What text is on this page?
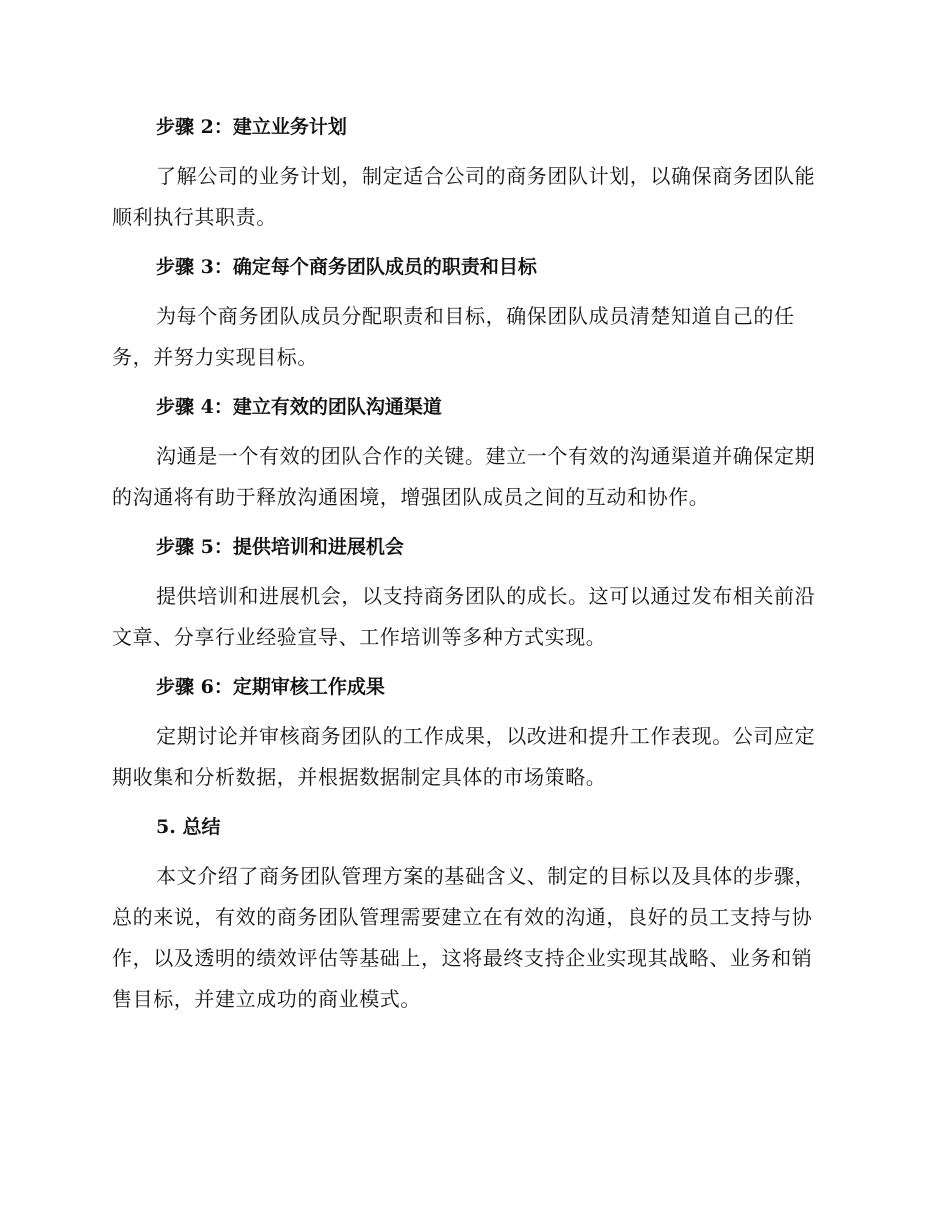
步骤 2：建立业务计划

了解公司的业务计划，制定适合公司的商务团队计划，以确保商务团队能顺利执行其职责。

步骤 3：确定每个商务团队成员的职责和目标

为每个商务团队成员分配职责和目标，确保团队成员清楚知道自己的任务，并努力实现目标。

步骤 4：建立有效的团队沟通渠道

沟通是一个有效的团队合作的关键。建立一个有效的沟通渠道并确保定期的沟通将有助于释放沟通困境，增强团队成员之间的互动和协作。

步骤 5：提供培训和进展机会

提供培训和进展机会，以支持商务团队的成长。这可以通过发布相关前沿文章、分享行业经验宣导、工作培训等多种方式实现。

步骤 6：定期审核工作成果

定期讨论并审核商务团队的工作成果，以改进和提升工作表现。公司应定期收集和分析数据，并根据数据制定具体的市场策略。

5. 总结

本文介绍了商务团队管理方案的基础含义、制定的目标以及具体的步骤，总的来说，有效的商务团队管理需要建立在有效的沟通，良好的员工支持与协作，以及透明的绩效评估等基础上，这将最终支持企业实现其战略、业务和销售目标，并建立成功的商业模式。
